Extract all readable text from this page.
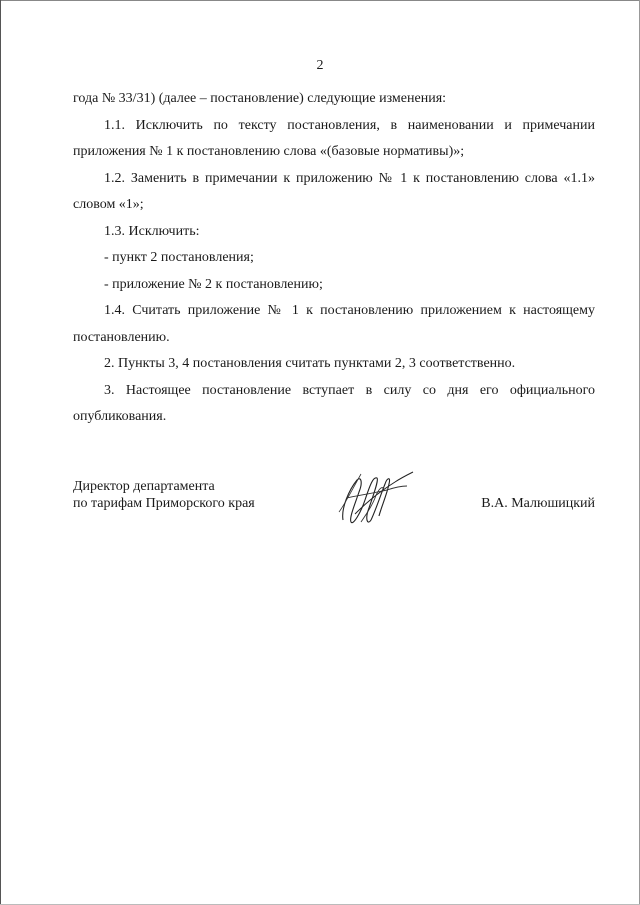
2

года № 33/31) (далее – постановление) следующие изменения:

1.1. Исключить по тексту постановления, в наименовании и примечании приложения № 1 к постановлению слова «(базовые нормативы)»;

1.2. Заменить в примечании к приложению № 1 к постановлению слова «1.1» словом «1»;

1.3. Исключить:

- пункт 2 постановления;

- приложение № 2 к постановлению;

1.4. Считать приложение № 1 к постановлению приложением к настоящему постановлению.

2. Пункты 3, 4 постановления считать пунктами 2, 3 соответственно.

3. Настоящее постановление вступает в силу со дня его официального опубликования.

Директор департамента
по тарифам Приморского края	В.А. Малюшицкий
